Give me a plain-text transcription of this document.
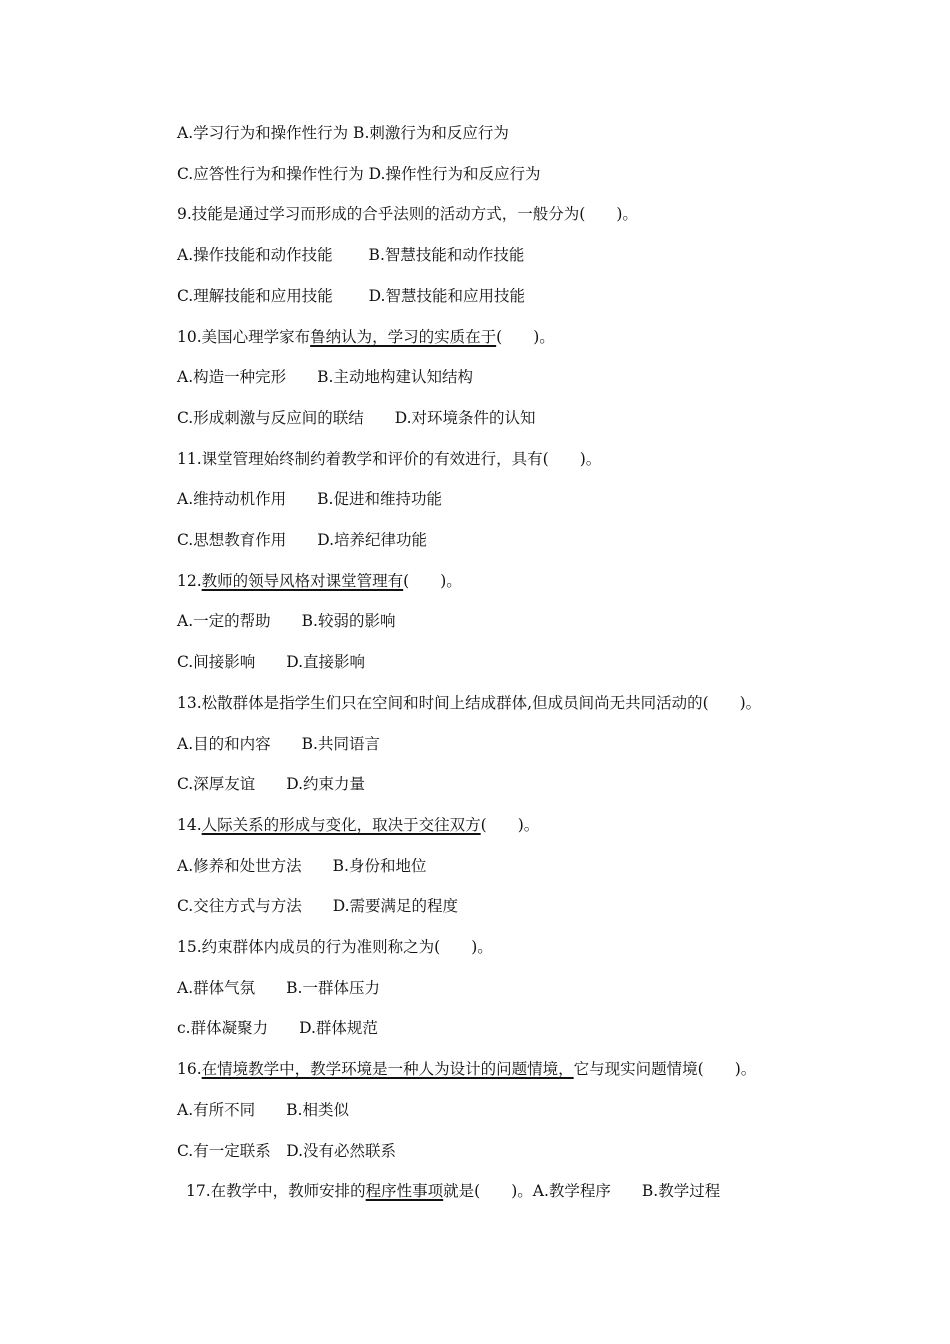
A.学习行为和操作性行为 B.刺激行为和反应行为
C.应答性行为和操作性行为 D.操作性行为和反应行为
9.技能是通过学习而形成的合乎法则的活动方式，一般分为(　　)。
A.操作技能和动作技能　　 B.智慧技能和动作技能
C.理解技能和应用技能　　 D.智慧技能和应用技能
10.美国心理学家布鲁纳认为，学习的实质在于(　　)。
A.构造一种完形　　B.主动地构建认知结构
C.形成刺激与反应间的联结　　D.对环境条件的认知
11.课堂管理始终制约着教学和评价的有效进行，具有(　　)。
A.维持动机作用　　B.促进和维持功能
C.思想教育作用　　D.培养纪律功能
12.教师的领导风格对课堂管理有(　　)。
A.一定的帮助　　B.较弱的影响
C.间接影响　　D.直接影响
13.松散群体是指学生们只在空间和时间上结成群体,但成员间尚无共同活动的(　　)。
A.目的和内容　　B.共同语言
C.深厚友谊　　D.约束力量
14.人际关系的形成与变化，取决于交往双方(　　)。
A.修养和处世方法　　B.身份和地位
C.交往方式与方法　　D.需要满足的程度
15.约束群体内成员的行为准则称之为(　　)。
A.群体气氛　　B.一群体压力
c.群体凝聚力　　D.群体规范
16.在情境教学中，教学环境是一种人为设计的问题情境，它与现实问题情境(　　)。
A.有所不同　　B.相类似
C.有一定联系　D.没有必然联系
17.在教学中，教师安排的程序性事项就是(　　)。A.教学程序　　B.教学过程
